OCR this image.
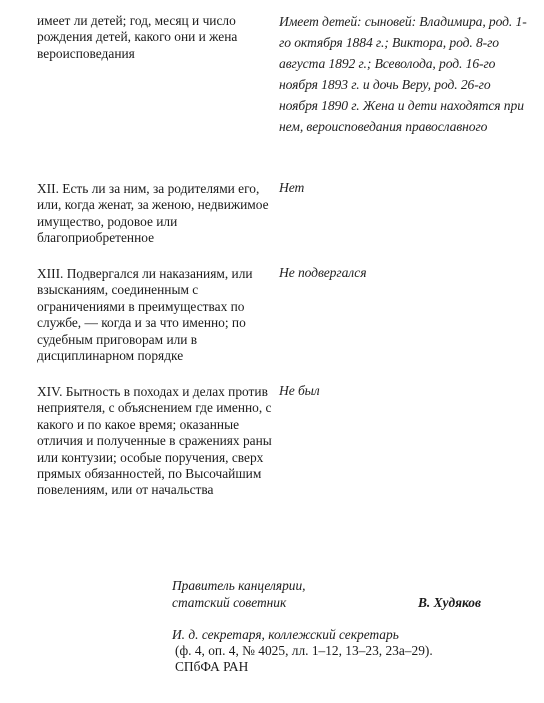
имеет ли детей; год, месяц и число рождения детей, какого они и жена вероисповедания

Имеет детей: сыновей: Владимира, род. 1-го октября 1884 г.; Виктора, род. 8-го августа 1892 г.; Всеволода, род. 16-го ноября 1893 г. и дочь Веру, род. 26-го ноября 1890 г. Жена и дети находятся при нем, вероисповедания православного

XII. Есть ли за ним, за родителями его, или, когда женат, за женою, недвижимое имущество, родовое или благоприобретенное

Нет

XIII. Подвергался ли наказаниям, или взысканиям, соединенным с ограничениями в преимуществах по службе, — когда и за что именно; по судебным приговорам или в дисциплинарном порядке

Не подвергался

XIV. Бытность в походах и делах против неприятеля, с объяснением где именно, с какого и по какое время; оказанные отличия и полученные в сражениях раны или контузии; особые поручения, сверх прямых обязанностей, по Высочайшим повелениям, или от начальства

Не был

Правитель канцелярии,

статский советник	В. Худяков

И. д. секретаря, коллежский секретарь

(ф. 4, оп. 4, № 4025, лл. 1–12, 13–23, 23а–29).

СПбФА РАН
